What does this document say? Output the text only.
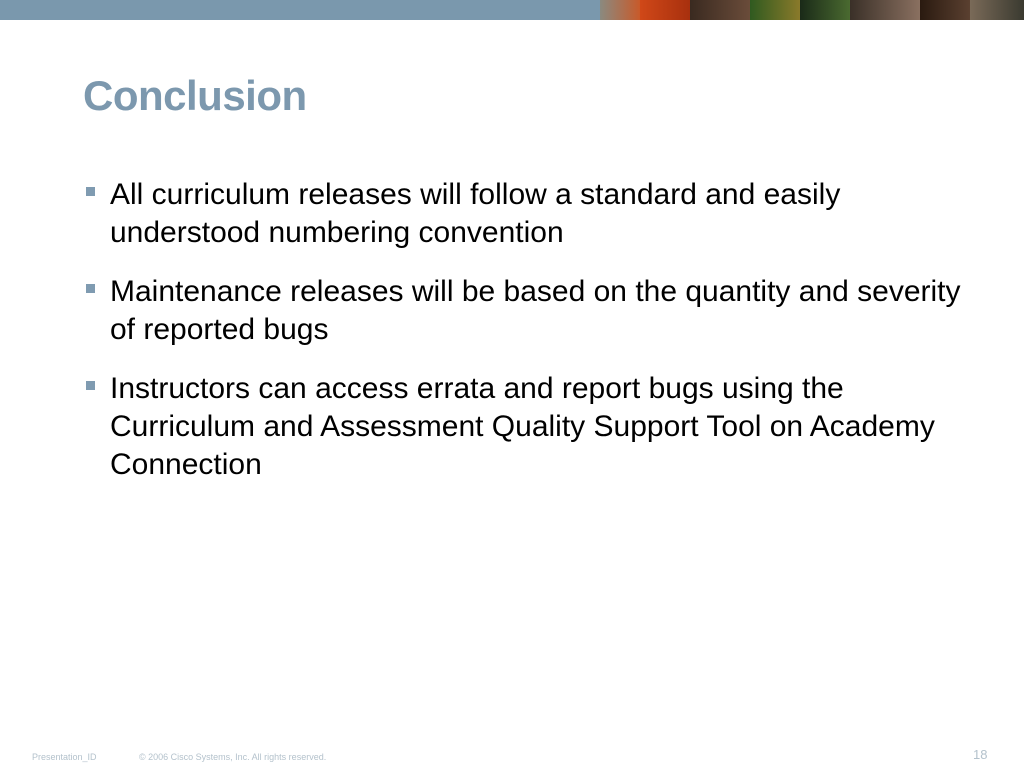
Conclusion
All curriculum releases will follow a standard and easily understood numbering convention
Maintenance releases will be based on the quantity and severity of reported bugs
Instructors can access errata and report bugs using the Curriculum and Assessment Quality Support Tool on Academy Connection
Presentation_ID	© 2006 Cisco Systems, Inc. All rights reserved.	18
